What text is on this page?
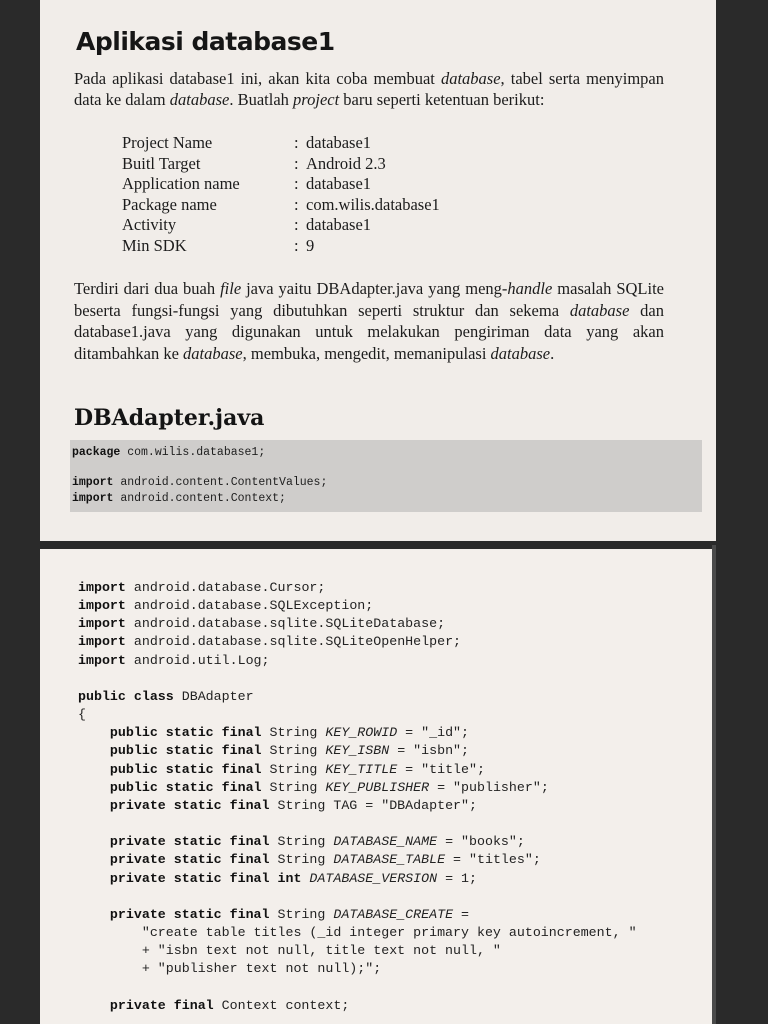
Aplikasi database1
Pada aplikasi database1 ini, akan kita coba membuat database, tabel serta menyimpan data ke dalam database. Buatlah project baru seperti ketentuan berikut:
Project Name	: database1
Buitl Target	: Android 2.3
Application name	: database1
Package name	: com.wilis.database1
Activity	: database1
Min SDK	: 9
Terdiri dari dua buah file java yaitu DBAdapter.java yang meng-handle masalah SQLite beserta fungsi-fungsi yang dibutuhkan seperti struktur dan sekema database dan database1.java yang digunakan untuk melakukan pengiriman data yang akan ditambahkan ke database, membuka, mengedit, memanipulasi database.
DBAdapter.java
package com.wilis.database1;

import android.content.ContentValues;
import android.content.Context;

import android.database.Cursor;
import android.database.SQLException;
import android.database.sqlite.SQLiteDatabase;
import android.database.sqlite.SQLiteOpenHelper;
import android.util.Log;

public class DBAdapter
{
public static final String KEY_ROWID = "_id";
public static final String KEY_ISBN = "isbn";
public static final String KEY_TITLE = "title";
public static final String KEY_PUBLISHER = "publisher";
private static final String TAG = "DBAdapter";

private static final String DATABASE_NAME = "books";
private static final String DATABASE_TABLE = "titles";
private static final int DATABASE_VERSION = 1;

private static final String DATABASE_CREATE =
"create table titles (_id integer primary key autoincrement, "
+ "isbn text not null, title text not null, "
+ "publisher text not null);";

private final Context context;
